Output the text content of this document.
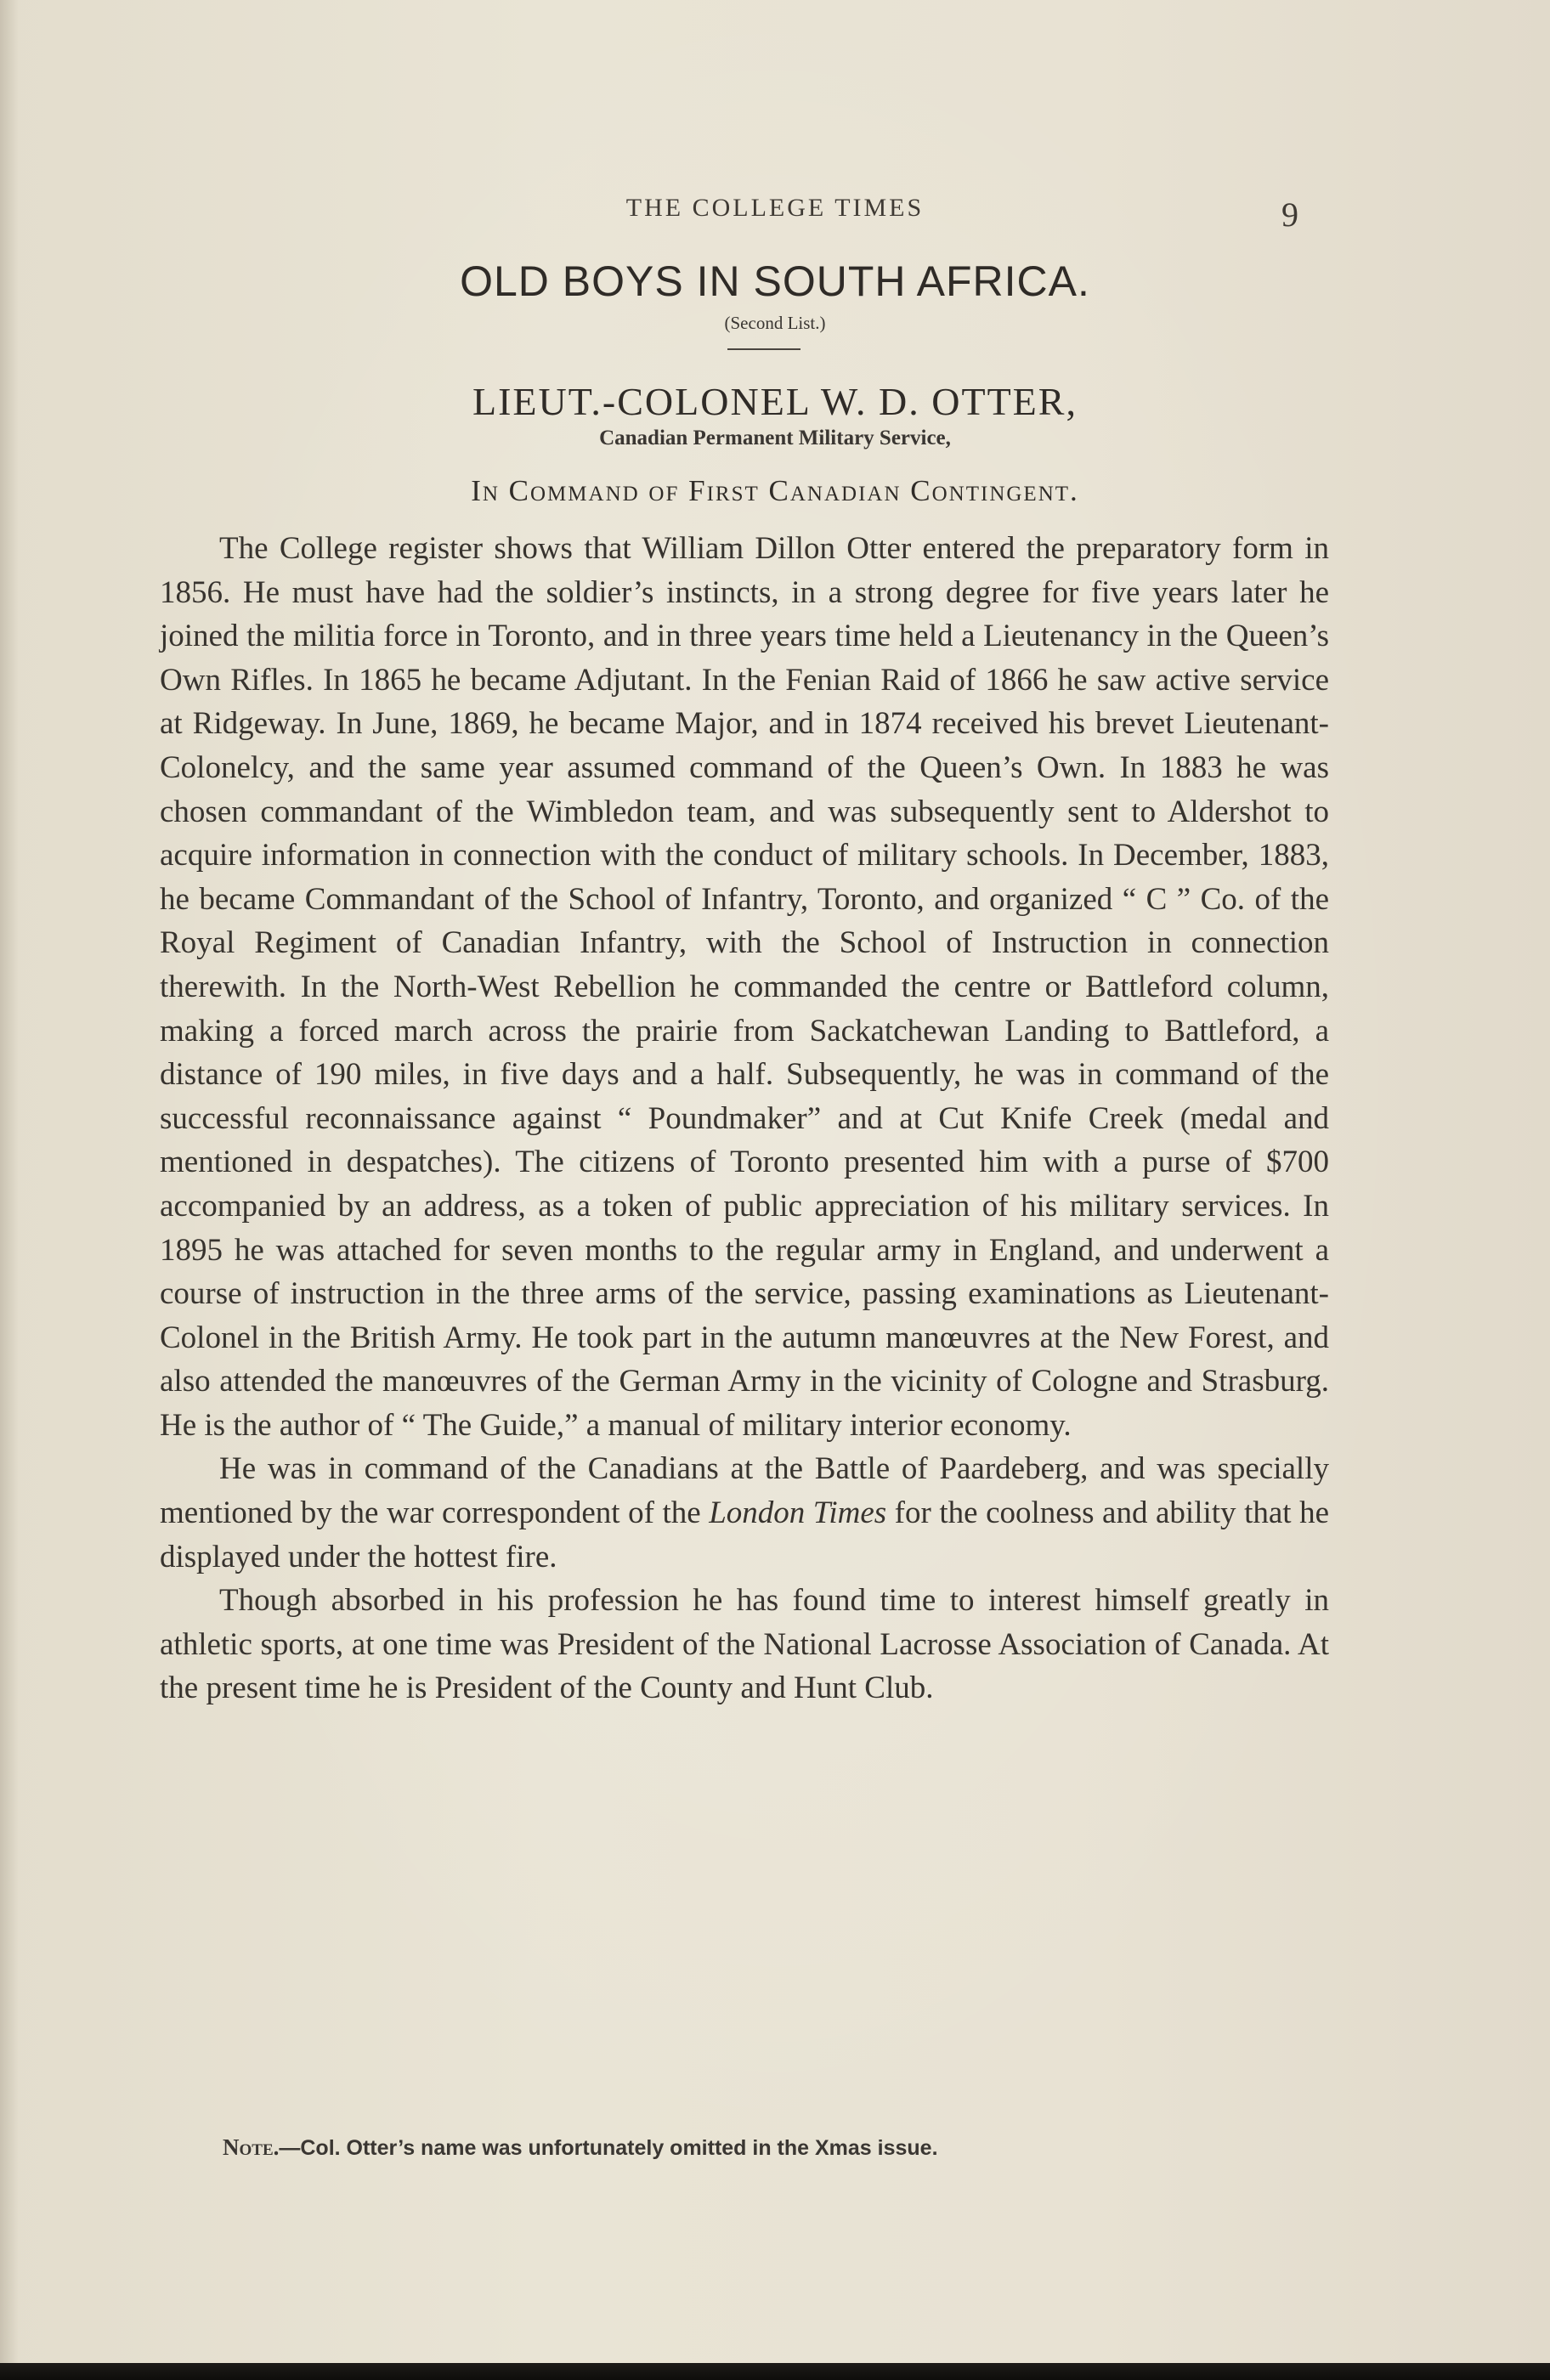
THE COLLEGE TIMES	9
OLD BOYS IN SOUTH AFRICA.
(Second List.)
LIEUT.-COLONEL W. D. OTTER,
Canadian Permanent Military Service,
In Command of First Canadian Contingent.

The College register shows that William Dillon Otter entered the preparatory form in 1856. He must have had the soldier’s instincts, in a strong degree for five years later he joined the militia force in Toronto, and in three years time held a Lieutenancy in the Queen’s Own Rifles. In 1865 he became Adjutant. In the Fenian Raid of 1866 he saw active service at Ridgeway. In June, 1869, he became Major, and in 1874 received his brevet Lieutenant-Colonelcy, and the same year assumed command of the Queen’s Own. In 1883 he was chosen commandant of the Wimbledon team, and was subsequently sent to Aldershot to acquire information in connection with the conduct of military schools. In December, 1883, he became Commandant of the School of Infantry, Toronto, and organized “ C ” Co. of the Royal Regiment of Canadian Infantry, with the School of Instruction in connection therewith. In the North-West Rebellion he commanded the centre or Battleford column, making a forced march across the prairie from Sackatchewan Landing to Battleford, a distance of 190 miles, in five days and a half. Subsequently, he was in command of the successful reconnaissance against “ Poundmaker” and at Cut Knife Creek (medal and mentioned in despatches). The citizens of Toronto presented him with a purse of $700 accompanied by an address, as a token of public appreciation of his military services. In 1895 he was attached for seven months to the regular army in England, and underwent a course of instruction in the three arms of the service, passing examinations as Lieutenant-Colonel in the British Army. He took part in the autumn manœuvres at the New Forest, and also attended the manœuvres of the German Army in the vicinity of Cologne and Strasburg. He is the author of “ The Guide,” a manual of military interior economy.

He was in command of the Canadians at the Battle of Paardeberg, and was specially mentioned by the war correspondent of the London Times for the coolness and ability that he displayed under the hottest fire.

Though absorbed in his profession he has found time to interest himself greatly in athletic sports, at one time was President of the National Lacrosse Association of Canada. At the present time he is President of the County and Hunt Club.

Note.—Col. Otter’s name was unfortunately omitted in the Xmas issue.
